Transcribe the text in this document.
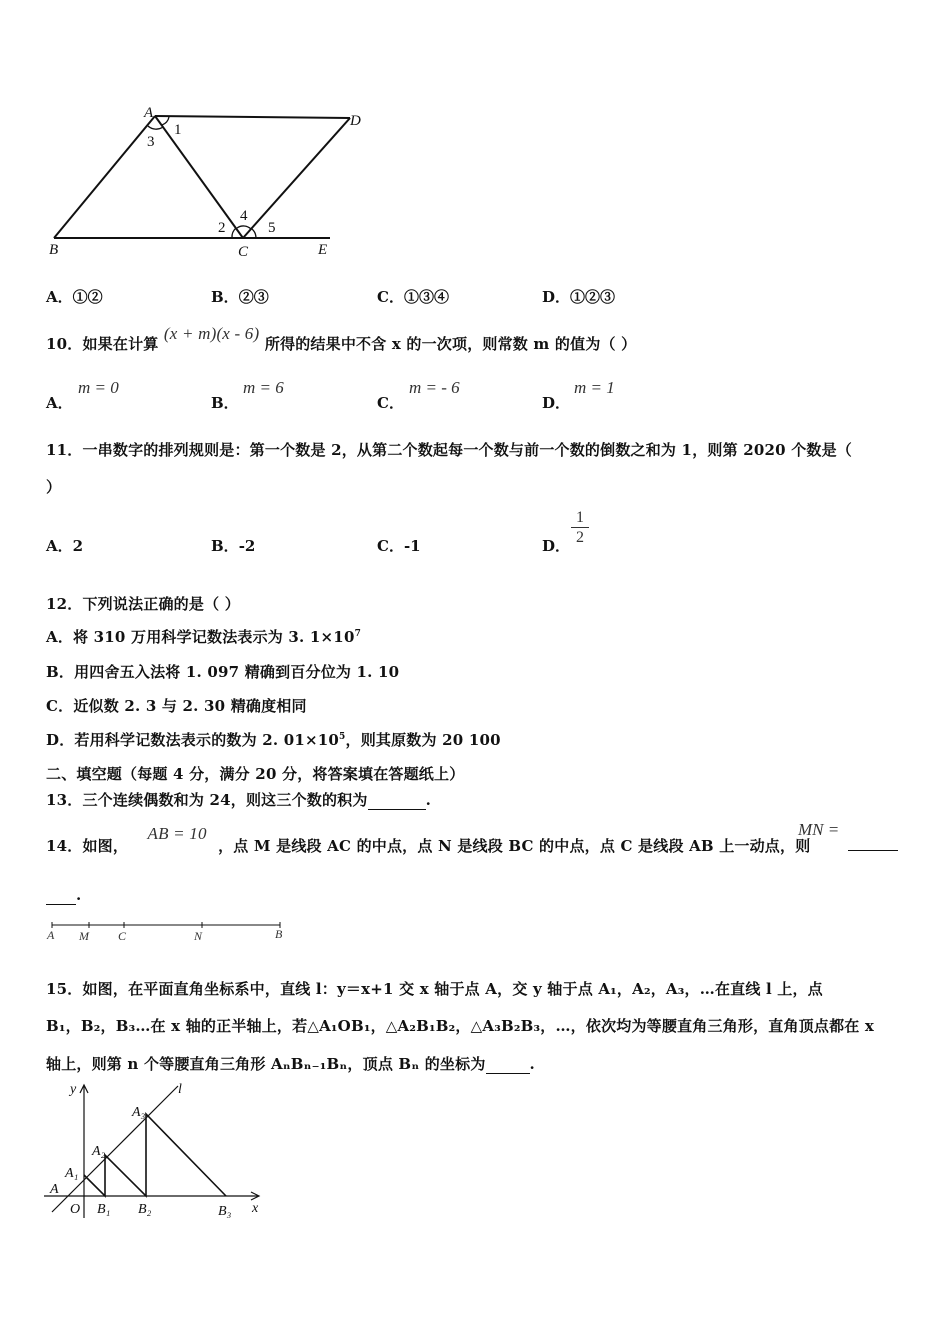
A
B	C
D
E
1
3
2
4
5
A．①②	B．②③	C．①③④	D．①②③
10．如果在计算 (x + m)(x - 6) 所得的结果中不含 x 的一次项，则常数 m 的值为（ ）
A．
m = 0
B．
m = 6
C．
m = - 6
D．
m = 1
11．一串数字的排列规则是：第一个数是 2，从第二个数起每一个数与前一个数的倒数之和为 1，则第 2020 个数是（
）
A．2	B．-2	C．-1	D． $\frac{1}{2}$
12．下列说法正确的是（ ）
A．将 310 万用科学记数法表示为 3. $1\times 10^7$
B．用四舍五入法将 1. 097 精确到百分位为 1. 10
C．近似数 2. 3 与 2. 30 精确度相同
D．若用科学记数法表示的数为 2. $01\times 10^5$，则其原数为 20 100
二、填空题（每题 4 分，满分 20 分，将答案填在答题纸上）
13．三个连续偶数和为 24，则这三个数的积为	.
14．如图， AB = 10 ，点 M 是线段 AC 的中点，点 N 是线段 BC 的中点，点 C 是线段 AB 上一动点，则
MN =
.
A M C	N	B
15．如图，在平面直角坐标系中，直线 l：y＝x+1 交 x 轴于点 A，交 y 轴于点 A₁，A₂，A₃，…在直线 l 上，点
B₁，B₂，B₃…在 x 轴的正半轴上，若△A₁OB₁，△A₂B₁B₂，△A₃B₂B₃，…，依次均为等腰直角三角形，直角顶点都在 x
轴上，则第 n 个等腰直角三角形 AₙBₙ₋₁Bₙ，顶点 Bₙ 的坐标为	.
y
x
l
O
A
A₁
A₂
A₃
B₁ B₂	B₃
